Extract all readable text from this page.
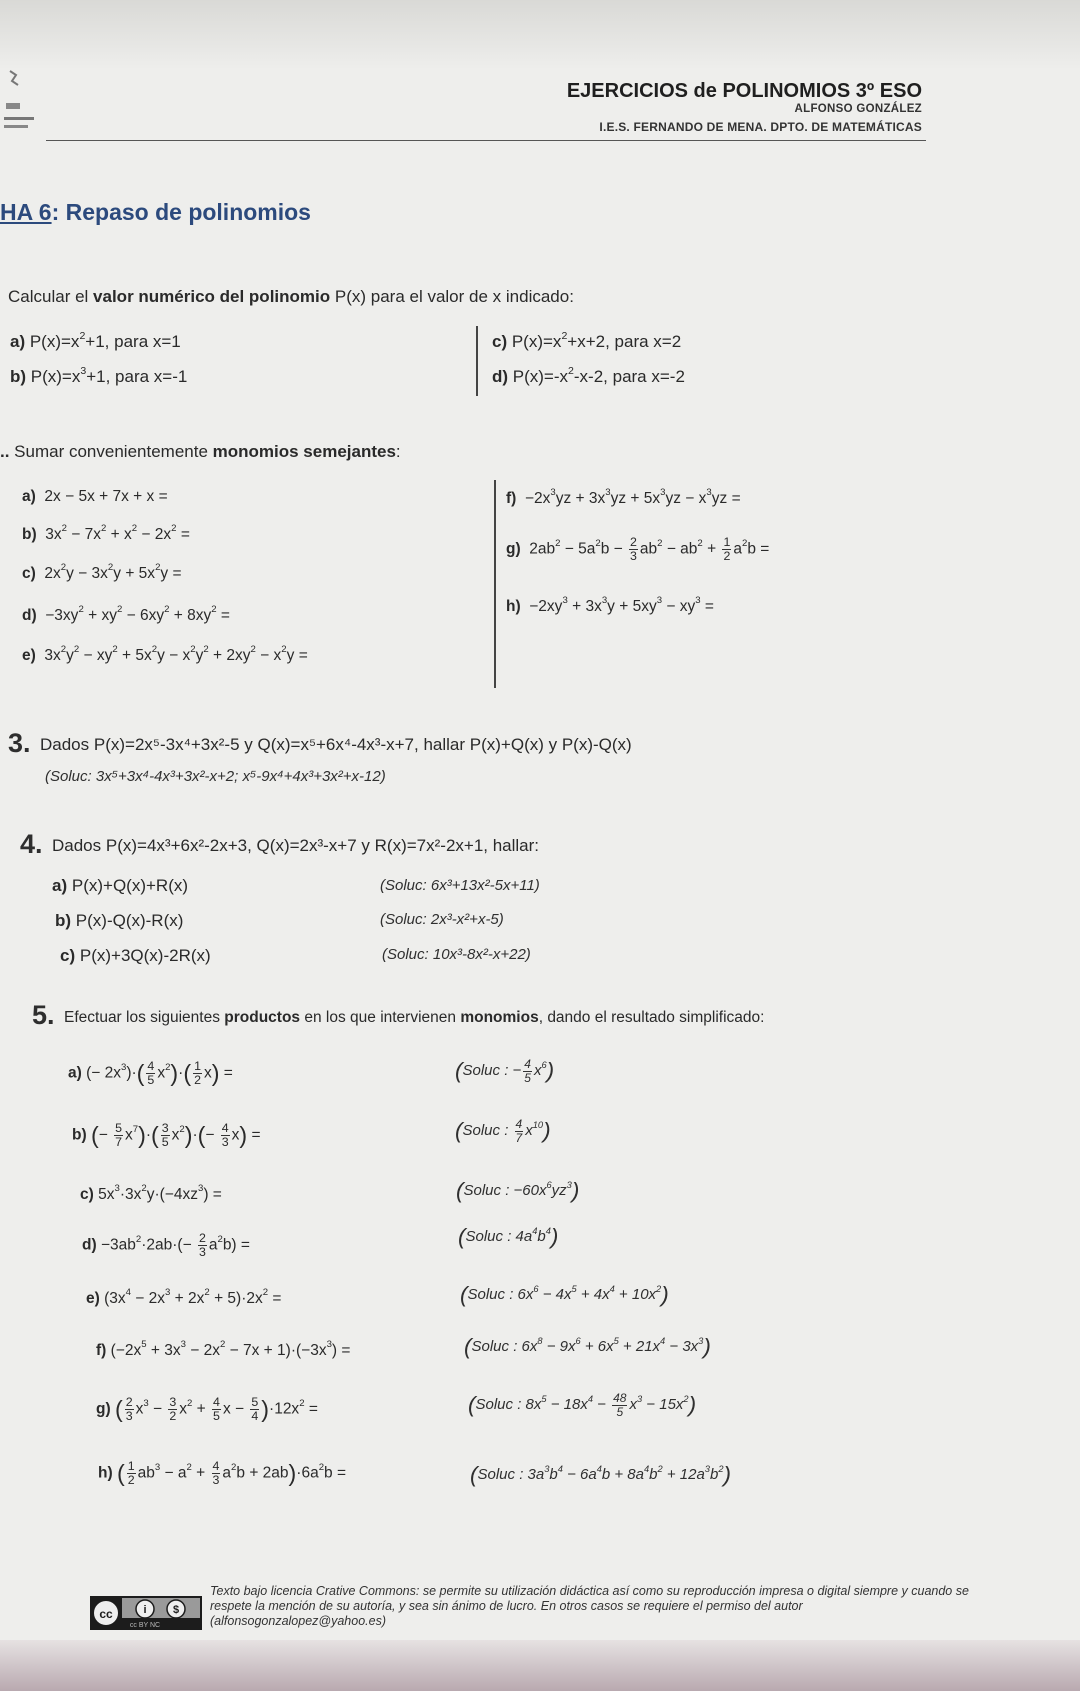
EJERCICIOS de POLINOMIOS 3º ESO
ALFONSO GONZÁLEZ
I.E.S. FERNANDO DE MENA. DPTO. DE MATEMÁTICAS
HA 6: Repaso de polinomios
Calcular el valor numérico del polinomio P(x) para el valor de x indicado:
a) $P(x)=x^2+1$, para x=1
b) $P(x)=x^3+1$, para x=-1
c) $P(x)=x^2+x+2$, para x=2
d) $P(x)=-x^2-x-2$, para x=-2
.. Sumar convenientemente monomios semejantes:
a)  2x − 5x + 7x + x =
b)  $3x^2 - 7x^2 + x^2 - 2x^2$ =
c)  $2x^2y - 3x^2y + 5x^2y$ =
$d) -3xy^2 + xy^2 - 6xy^2 + 8xy^2$ =
e)  $3x^2y^2 - xy^2 + 5x^2y - x^2y^2 + 2xy^2 - x^2y$ =
$f) -2x^3yz + 3x^3yz + 5x^3yz - x^3yz$ =
g)  $2ab^2 - 5a^2b - \frac{2}{3} ab^2 - ab^2 + \frac{1}{2} a^2b$ =
$h) -2xy^3 + 3x^3y + 5xy^3 - xy^3$ =
3. Dados P(x)=2x⁵-3x⁴+3x²-5 y Q(x)=x⁵+6x⁴-4x³-x+7, hallar P(x)+Q(x) y P(x)-Q(x)
(Soluc: 3x⁵+3x⁴-4x³+3x²-x+2; x⁵-9x⁴+4x³+3x²+x-12)
4. Dados P(x)=4x³+6x²-2x+3, Q(x)=2x³-x+7 y R(x)=7x²-2x+1, hallar:
a) P(x)+Q(x)+R(x)	(Soluc: 6x³+13x²-5x+11)
b) P(x)-Q(x)-R(x)	(Soluc: 2x³-x²+x-5)
c) P(x)+3Q(x)-2R(x)	(Soluc: 10x³-8x²-x+22)
5. Efectuar los siguientes productos en los que intervienen monomios, dando el resultado simplificado:
a) (− $2x^3)\cdot( \frac{4}{5} x^2)\cdot( \frac{1}{2} x)$ =	(Soluc : − $\frac{4}{5} x^6$)
b) (− $\frac{5}{7} x^7)\cdot( \frac{3}{5} x^2)\cdot(- \frac{4}{3} x)$ =	(Soluc : $\frac{4}{7} x^{10}$)
c) $5x^3\cdot 3x^2y\cdot(-4xz^3)$ =	(Soluc : $-60x^6yz^3$)
$d) -3ab^2\cdot 2ab\cdot(- \frac{2}{3} a^2b)$ =	(Soluc : $4a^4b^4$)
e) $(3x^4 - 2x^3 + 2x^2 + 5)\cdot 2x^2$ =	(Soluc : $6x^6 - 4x^5 + 4x^4 + 10x^2$)
f) $(-2x^5 + 3x^3 - 2x^2 - 7x + 1)\cdot(-3x^3)$ =	(Soluc : $6x^8 - 9x^6 + 6x^5 + 21x^4 - 3x^3$)
g) ( $\frac{2}{3} x^3 - \frac{3}{2} x^2 + \frac{4}{5}$ $x - \frac{5}{4} )\cdot 12x^2$ =	(Soluc : $8x^5 - 18x^4 - \frac{48}{5} x^3 - 15x^2$)
h) ( $\frac{1}{2} ab^3 - a^2 + \frac{4}{3} a^2b + 2ab)\cdot 6a^2b$ =	(Soluc : $3a^3b^4 - 6a^4b + 8a^4b^2 + 12a^3b^2$)
cc	i $
cc BY NC
Texto bajo licencia Crative Commons: se permite su utilización didáctica así como su reproducción impresa o digital siempre y cuando se respete la mención de su autoría, y sea sin ánimo de lucro. En otros casos se requiere el permiso del autor (alfonsogonzalopez@yahoo.es)
